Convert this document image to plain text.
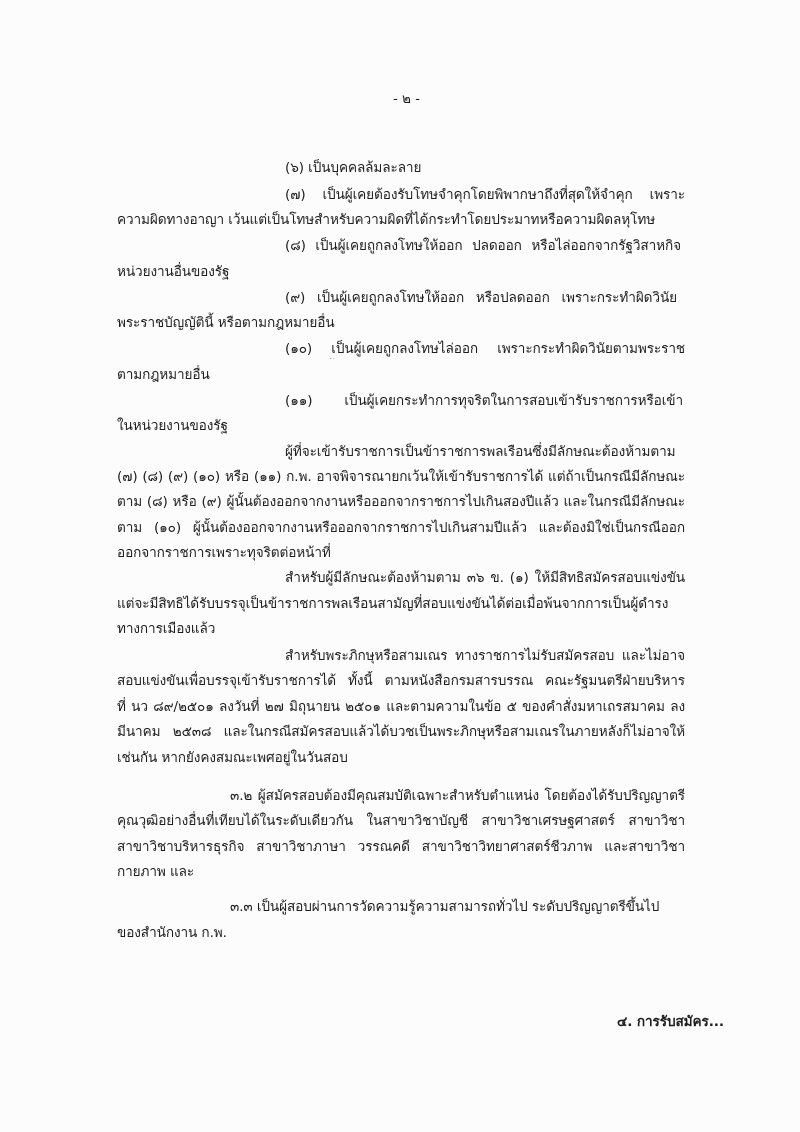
- ๒ -
(๖) เป็นบุคคลล้มละลาย
(๗) เป็นผู้เคยต้องรับโทษจำคุกโดยพิพากษาถึงที่สุดให้จำคุก เพราะ
ความผิดทางอาญา เว้นแต่เป็นโทษสำหรับความผิดที่ได้กระทำโดยประมาทหรือความผิดลหุโทษ
(๘) เป็นผู้เคยถูกลงโทษให้ออก ปลดออก หรือไล่ออกจากรัฐวิสาหกิจ
หน่วยงานอื่นของรัฐ
(๙) เป็นผู้เคยถูกลงโทษให้ออก หรือปลดออก เพราะกระทำผิดวินัย
พระราชบัญญัตินี้ หรือตามกฎหมายอื่น
(๑๐) เป็นผู้เคยถูกลงโทษไล่ออก เพราะกระทำผิดวินัยตามพระราช
ตามกฎหมายอื่น
(๑๑) เป็นผู้เคยกระทำการทุจริตในการสอบเข้ารับราชการหรือเข้า
ในหน่วยงานของรัฐ
ผู้ที่จะเข้ารับราชการเป็นข้าราชการพลเรือนซึ่งมีลักษณะต้องห้ามตาม
(๗) (๘) (๙) (๑๐) หรือ (๑๑) ก.พ. อาจพิจารณายกเว้นให้เข้ารับราชการได้ แต่ถ้าเป็นกรณีมีลักษณะ
ตาม (๘) หรือ (๙) ผู้นั้นต้องออกจากงานหรือออกจากราชการไปเกินสองปีแล้ว และในกรณีมีลักษณะ
ตาม (๑๐) ผู้นั้นต้องออกจากงานหรือออกจากราชการไปเกินสามปีแล้ว และต้องมิใช่เป็นกรณีออก
ออกจากราชการเพราะทุจริตต่อหน้าที่
สำหรับผู้มีลักษณะต้องห้ามตาม ๓๖ ข. (๑) ให้มีสิทธิสมัครสอบแข่งขัน
แต่จะมีสิทธิได้รับบรรจุเป็นข้าราชการพลเรือนสามัญที่สอบแข่งขันได้ต่อเมื่อพ้นจากการเป็นผู้ดำรง
ทางการเมืองแล้ว
สำหรับพระภิกษุหรือสามเณร ทางราชการไม่รับสมัครสอบ และไม่อาจ
สอบแข่งขันเพื่อบรรจุเข้ารับราชการได้ ทั้งนี้ ตามหนังสือกรมสารบรรณ คณะรัฐมนตรีฝ่ายบริหาร
ที่ นว ๘๙/๒๕๐๑ ลงวันที่ ๒๗ มิถุนายน ๒๕๐๑ และตามความในข้อ ๕ ของคำสั่งมหาเถรสมาคม ลง
มีนาคม ๒๕๓๘ และในกรณีสมัครสอบแล้วได้บวชเป็นพระภิกษุหรือสามเณรในภายหลังก็ไม่อาจให้
เช่นกัน หากยังคงสมณะเพศอยู่ในวันสอบ
๓.๒ ผู้สมัครสอบต้องมีคุณสมบัติเฉพาะสำหรับตำแหน่ง โดยต้องได้รับปริญญาตรี
คุณวุฒิอย่างอื่นที่เทียบได้ในระดับเดียวกัน ในสาขาวิชาบัญชี สาขาวิชาเศรษฐศาสตร์ สาขาวิชา
สาขาวิชาบริหารธุรกิจ สาขาวิชาภาษา วรรณคดี สาขาวิชาวิทยาศาสตร์ชีวภาพ และสาขาวิชา
กายภาพ และ
๓.๓ เป็นผู้สอบผ่านการวัดความรู้ความสามารถทั่วไป ระดับปริญญาตรีขึ้นไป
ของสำนักงาน ก.พ.
๔. การรับสมัคร...
